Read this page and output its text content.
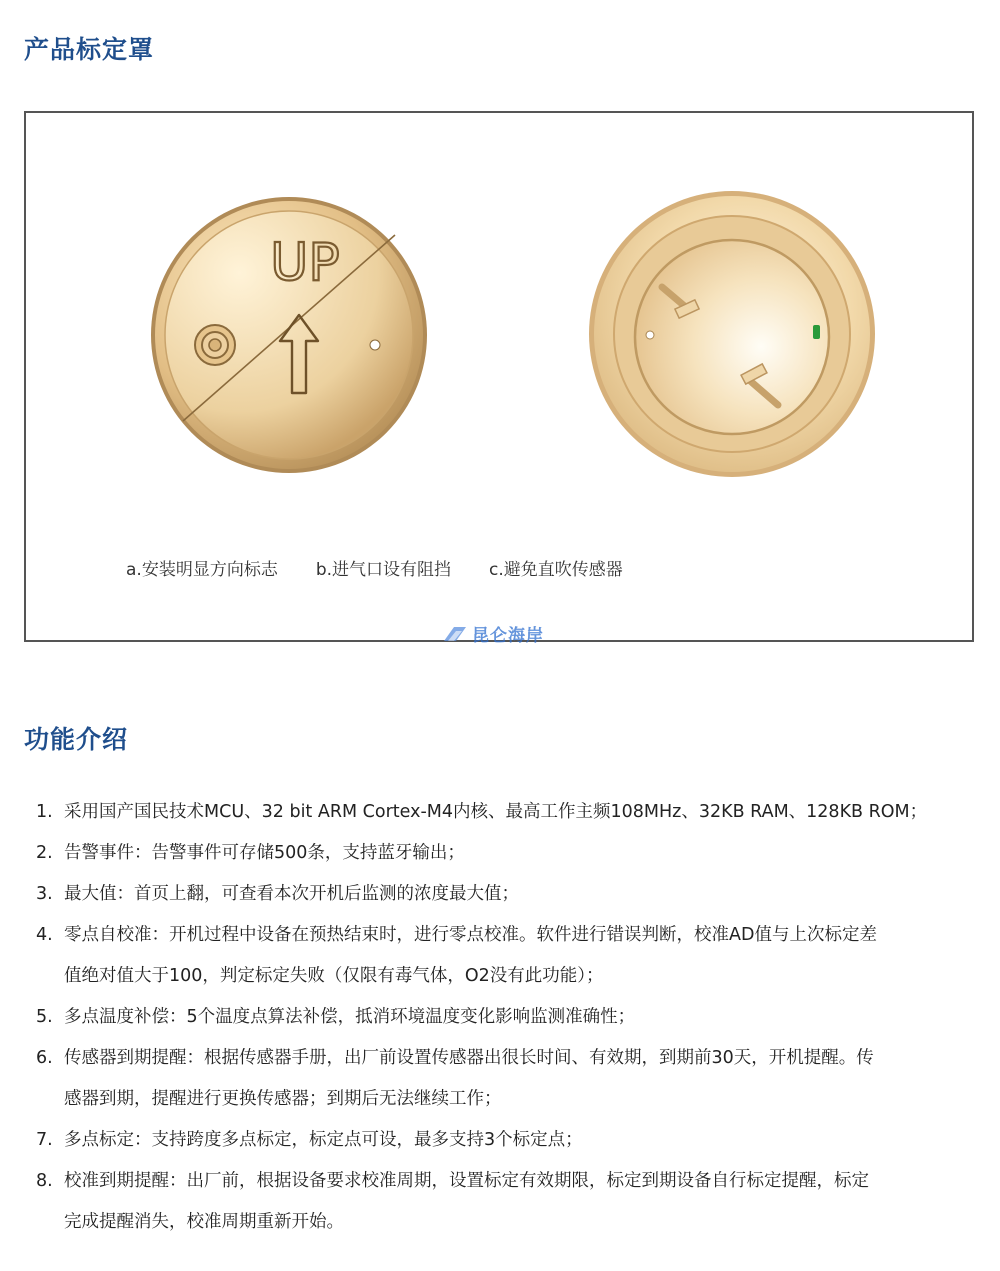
产品标定罩
UP
a.安装明显方向标志 b.进气口设有阻挡 c.避免直吹传感器
昆仑海岸
功能介绍
1. 采用国产国民技术MCU、32 bit ARM Cortex-M4内核、最高工作主频108MHz、32KB RAM、128KB ROM；
2. 告警事件：告警事件可存储500条，支持蓝牙输出；
3. 最大值：首页上翻，可查看本次开机后监测的浓度最大值；
4. 零点自校准：开机过程中设备在预热结束时，进行零点校准。软件进行错误判断，校准AD值与上次标定差
值绝对值大于100，判定标定失败（仅限有毒气体，O2没有此功能）；
5. 多点温度补偿：5个温度点算法补偿，抵消环境温度变化影响监测准确性；
6. 传感器到期提醒：根据传感器手册，出厂前设置传感器出很长时间、有效期，到期前30天，开机提醒。传
感器到期，提醒进行更换传感器；到期后无法继续工作；
7. 多点标定：支持跨度多点标定，标定点可设，最多支持3个标定点；
8. 校准到期提醒：出厂前，根据设备要求校准周期，设置标定有效期限，标定到期设备自行标定提醒，标定
完成提醒消失，校准周期重新开始。
